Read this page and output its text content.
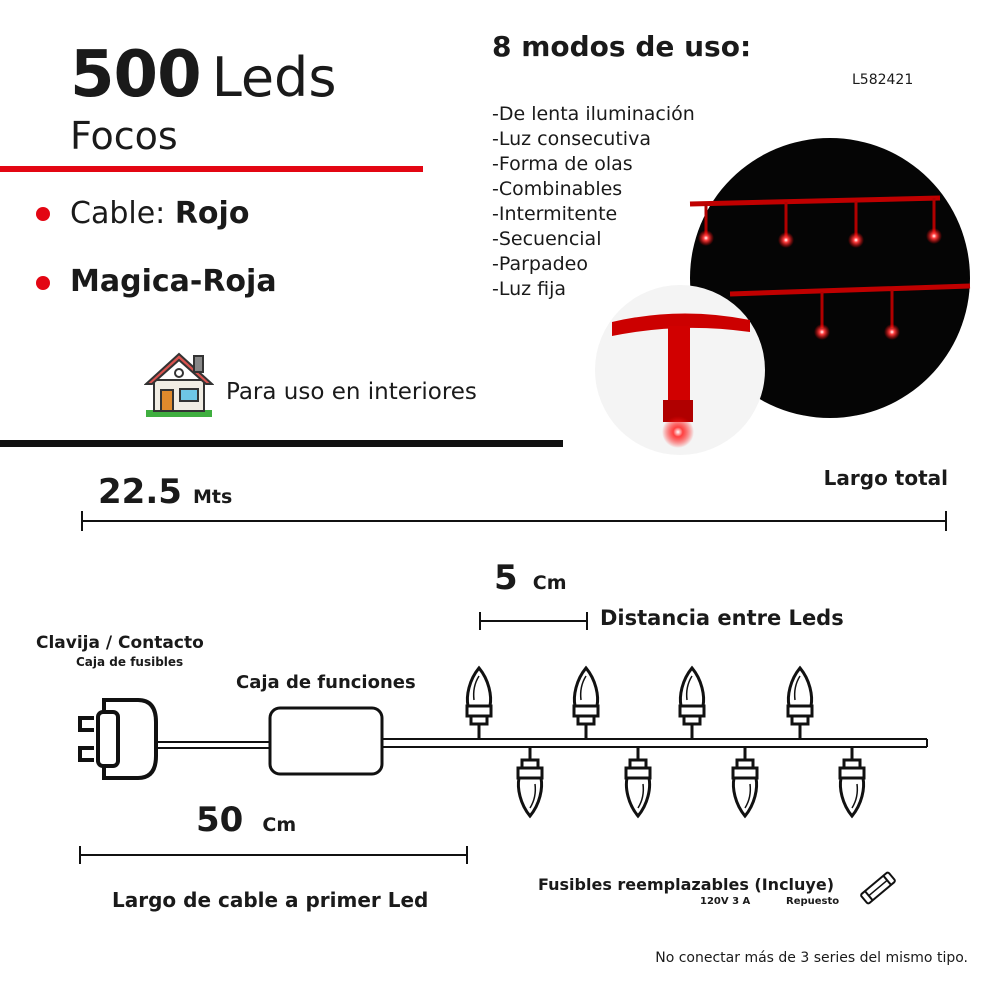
500 Leds
Focos
Cable: Rojo
Magica-Roja
Para uso en interiores
8 modos de uso:
L582421
-De lenta iluminación
-Luz consecutiva
-Forma de olas
-Combinables
-Intermitente
-Secuencial
-Parpadeo
-Luz fija
22.5 Mts
Largo total
5 Cm
Distancia entre Leds
Clavija / Contacto
Caja de fusibles
Caja de funciones
50 Cm
Largo de cable a primer Led
Fusibles reemplazables (Incluye)
120V 3 A	Repuesto
No conectar más de 3 series del mismo tipo.
